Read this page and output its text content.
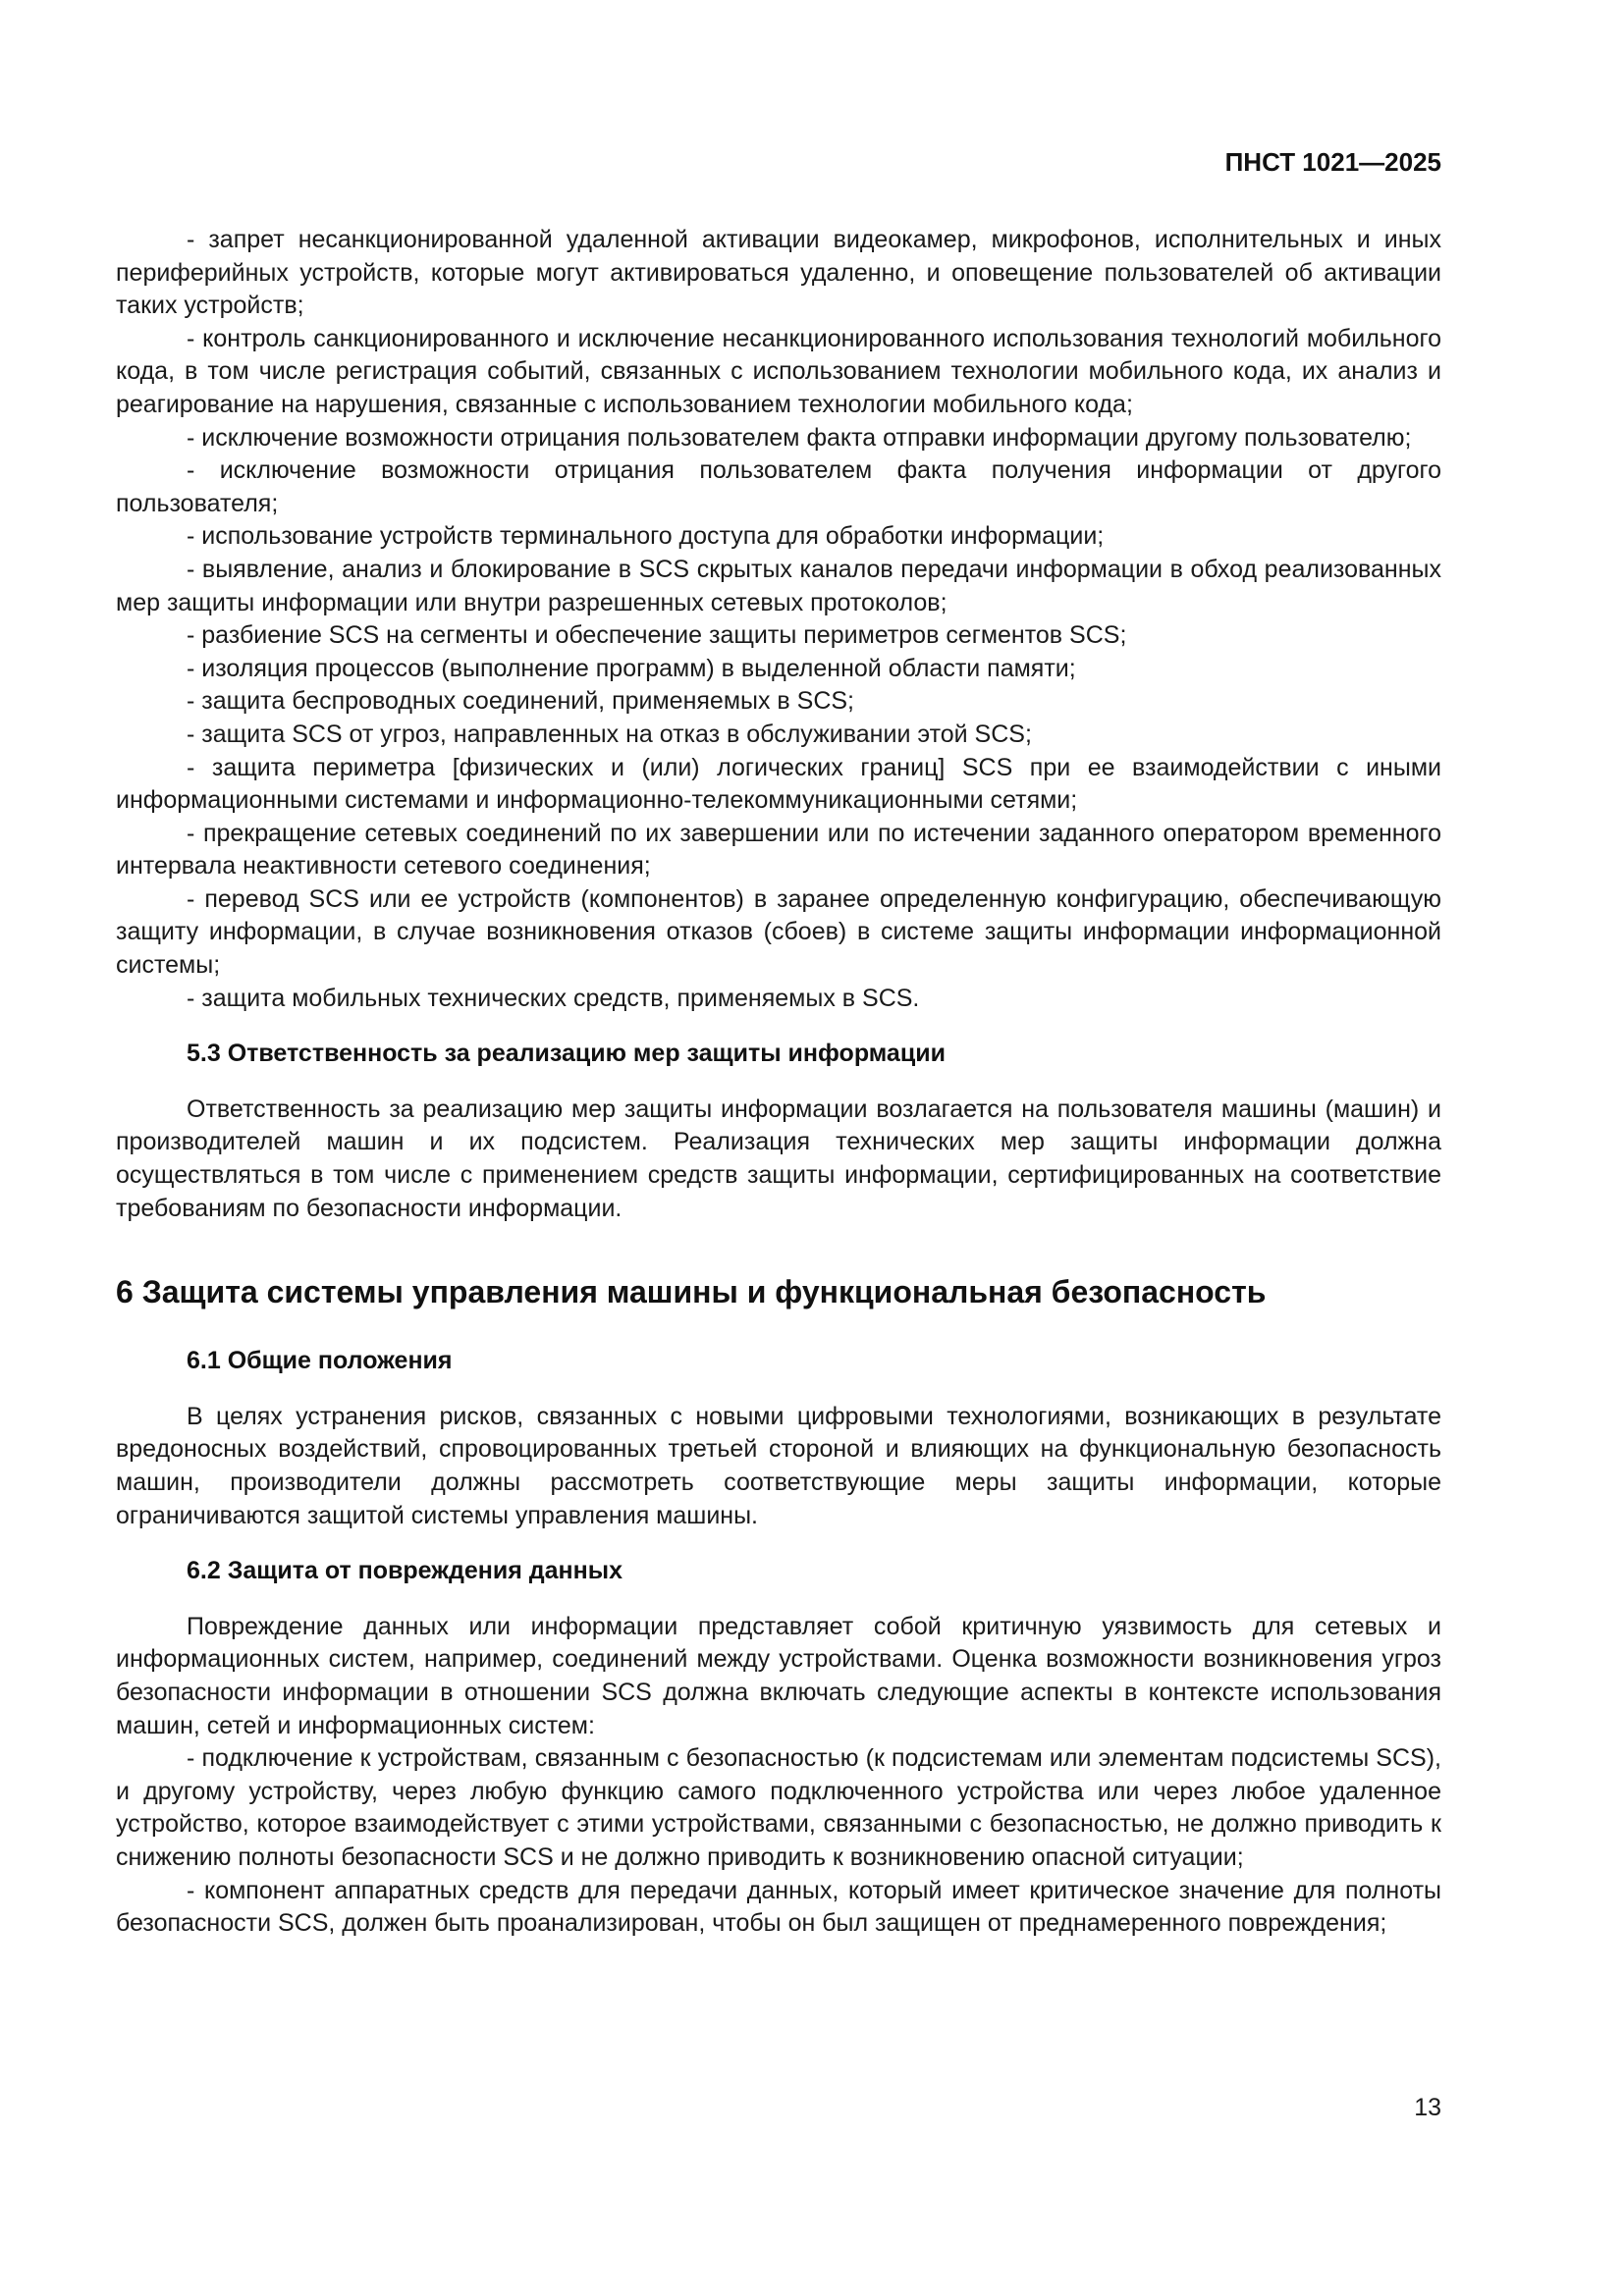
ПНСТ 1021—2025

- запрет несанкционированной удаленной активации видеокамер, микрофонов, исполнительных и иных периферийных устройств, которые могут активироваться удаленно, и оповещение пользователей об активации таких устройств;

- контроль санкционированного и исключение несанкционированного использования технологий мобильного кода, в том числе регистрация событий, связанных с использованием технологии мобильного кода, их анализ и реагирование на нарушения, связанные с использованием технологии мобильного кода;

- исключение возможности отрицания пользователем факта отправки информации другому пользователю;

- исключение возможности отрицания пользователем факта получения информации от другого пользователя;

- использование устройств терминального доступа для обработки информации;

- выявление, анализ и блокирование в SCS скрытых каналов передачи информации в обход реализованных мер защиты информации или внутри разрешенных сетевых протоколов;

- разбиение SCS на сегменты и обеспечение защиты периметров сегментов SCS;

- изоляция процессов (выполнение программ) в выделенной области памяти;

- защита беспроводных соединений, применяемых в SCS;

- защита SCS от угроз, направленных на отказ в обслуживании этой SCS;

- защита периметра [физических и (или) логических границ] SCS при ее взаимодействии с иными информационными системами и информационно-телекоммуникационными сетями;

- прекращение сетевых соединений по их завершении или по истечении заданного оператором временного интервала неактивности сетевого соединения;

- перевод SCS или ее устройств (компонентов) в заранее определенную конфигурацию, обеспечивающую защиту информации, в случае возникновения отказов (сбоев) в системе защиты информации информационной системы;

- защита мобильных технических средств, применяемых в SCS.

5.3 Ответственность за реализацию мер защиты информации

Ответственность за реализацию мер защиты информации возлагается на пользователя машины (машин) и производителей машин и их подсистем. Реализация технических мер защиты информации должна осуществляться в том числе с применением средств защиты информации, сертифицированных на соответствие требованиям по безопасности информации.

6 Защита системы управления машины и функциональная безопасность
6.1 Общие положения

В целях устранения рисков, связанных с новыми цифровыми технологиями, возникающих в результате вредоносных воздействий, спровоцированных третьей стороной и влияющих на функциональную безопасность машин, производители должны рассмотреть соответствующие меры защиты информации, которые ограничиваются защитой системы управления машины.

6.2 Защита от повреждения данных

Повреждение данных или информации представляет собой критичную уязвимость для сетевых и информационных систем, например, соединений между устройствами. Оценка возможности возникновения угроз безопасности информации в отношении SCS должна включать следующие аспекты в контексте использования машин, сетей и информационных систем:

- подключение к устройствам, связанным с безопасностью (к подсистемам или элементам подсистемы SCS), и другому устройству, через любую функцию самого подключенного устройства или через любое удаленное устройство, которое взаимодействует с этими устройствами, связанными с безопасностью, не должно приводить к снижению полноты безопасности SCS и не должно приводить к возникновению опасной ситуации;

- компонент аппаратных средств для передачи данных, который имеет критическое значение для полноты безопасности SCS, должен быть проанализирован, чтобы он был защищен от преднамеренного повреждения;

13
